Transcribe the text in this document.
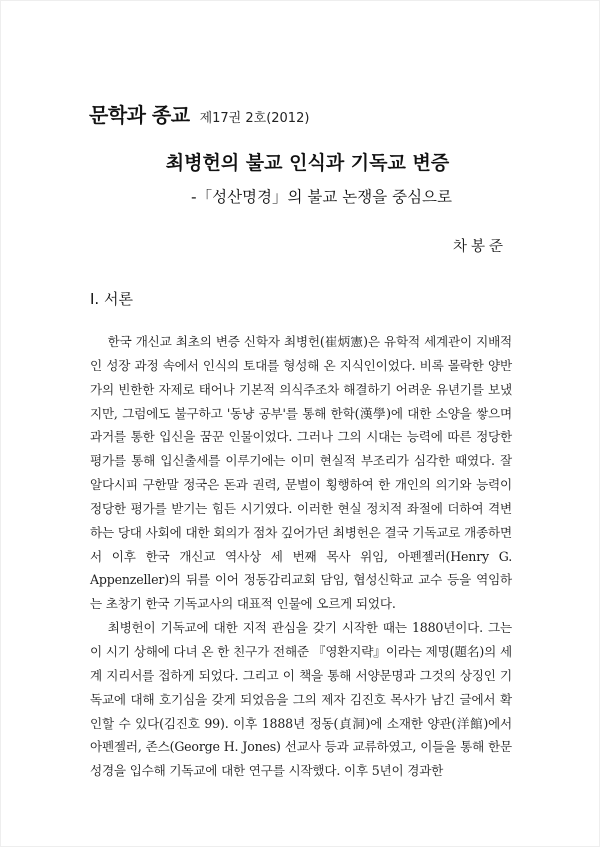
문학과 종교 제17권 2호(2012)
최병헌의 불교 인식과 기독교 변증
-「성산명경」의 불교 논쟁을 중심으로
차봉준
Ⅰ. 서론

한국 개신교 최초의 변증 신학자 최병헌(崔炳憲)은 유학적 세계관이 지배적인 성장 과정 속에서 인식의 토대를 형성해 온 지식인이었다. 비록 몰락한 양반가의 빈한한 자제로 태어나 기본적 의식주조차 해결하기 어려운 유년기를 보냈지만, 그럼에도 불구하고 '동냥 공부'를 통해 한학(漢學)에 대한 소양을 쌓으며 과거를 통한 입신을 꿈꾼 인물이었다. 그러나 그의 시대는 능력에 따른 정당한 평가를 통해 입신출세를 이루기에는 이미 현실적 부조리가 심각한 때였다. 잘 알다시피 구한말 정국은 돈과 권력, 문벌이 횡행하여 한 개인의 의기와 능력이 정당한 평가를 받기는 힘든 시기였다. 이러한 현실 정치적 좌절에 더하여 격변하는 당대 사회에 대한 회의가 점차 깊어가던 최병헌은 결국 기독교로 개종하면서 이후 한국 개신교 역사상 세 번째 목사 위임, 아펜젤러(Henry G. Appenzeller)의 뒤를 이어 정동감리교회 담임, 협성신학교 교수 등을 역임하는 초창기 한국 기독교사의 대표적 인물에 오르게 되었다.

최병헌이 기독교에 대한 지적 관심을 갖기 시작한 때는 1880년이다. 그는 이 시기 상해에 다녀 온 한 친구가 전해준 『영환지략』이라는 제명(題名)의 세계 지리서를 접하게 되었다. 그리고 이 책을 통해 서양문명과 그것의 상징인 기독교에 대해 호기심을 갖게 되었음을 그의 제자 김진호 목사가 남긴 글에서 확인할 수 있다(김진호 99). 이후 1888년 정동(貞洞)에 소재한 양관(洋館)에서 아펜젤러, 존스(George H. Jones) 선교사 등과 교류하였고, 이들을 통해 한문성경을 입수해 기독교에 대한 연구를 시작했다. 이후 5년이 경과한
